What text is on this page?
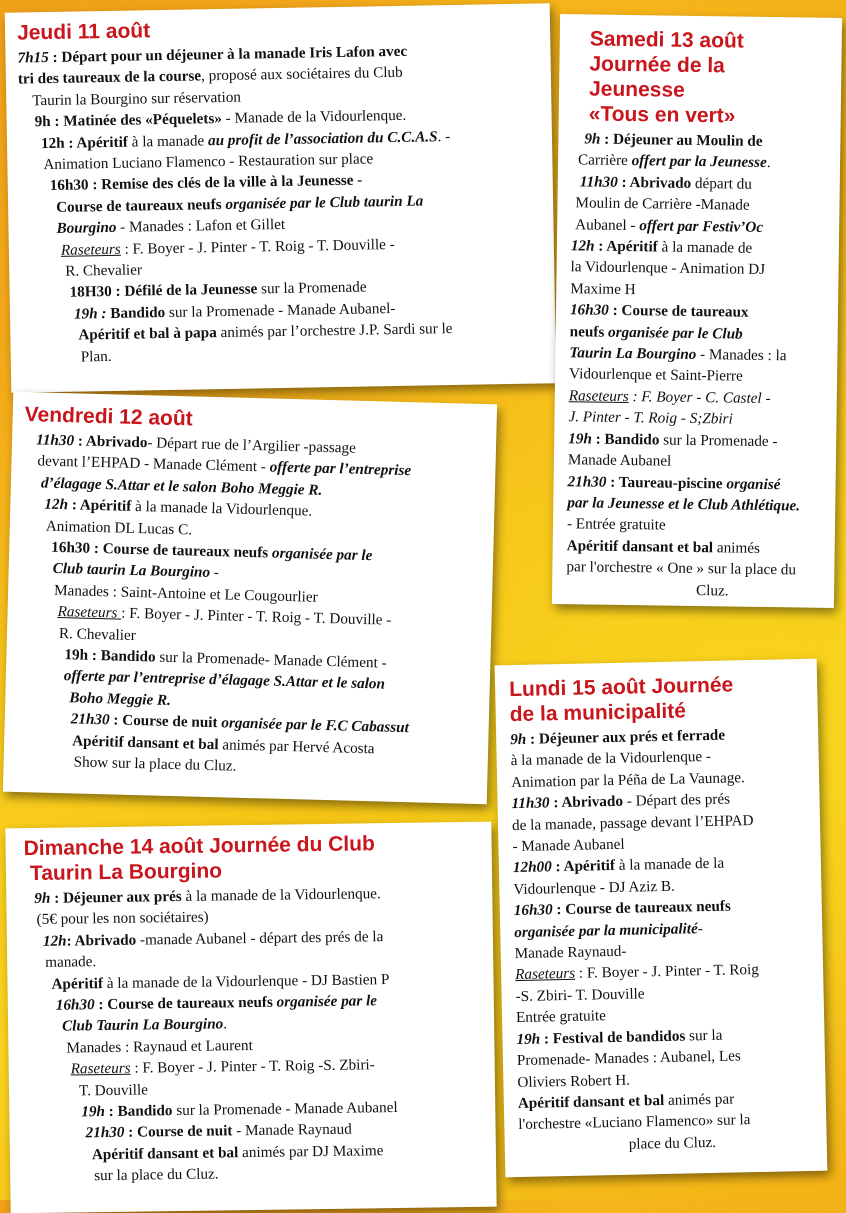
Jeudi 11 août
7h15 : Départ pour un déjeuner à la manade Iris Lafon avec
tri des taureaux de la course, proposé aux sociétaires du Club
Taurin la Bourgino sur réservation
9h : Matinée des «Péquelets» - Manade de la Vidourlenque.
12h : Apéritif à la manade au profit de l’association du C.C.A.S. -
Animation Luciano Flamenco - Restauration sur place
16h30 : Remise des clés de la ville à la Jeunesse -
Course de taureaux neufs organisée par le Club taurin La
Bourgino - Manades : Lafon et Gillet
Raseteurs : F. Boyer - J. Pinter - T. Roig - T. Douville -
R. Chevalier
18H30 : Défilé de la Jeunesse sur la Promenade
19h : Bandido sur la Promenade - Manade Aubanel-
Apéritif et bal à papa animés par l’orchestre J.P. Sardi sur le
Plan.
Samedi 13 août
Journée de la
Jeunesse
«Tous en vert»
9h : Déjeuner au Moulin de
Carrière offert par la Jeunesse.
11h30 : Abrivado départ du
Moulin de Carrière -Manade
Aubanel - offert par Festiv’Oc
12h : Apéritif à la manade de
la Vidourlenque - Animation DJ
Maxime H
16h30 : Course de taureaux
neufs organisée par le Club
Taurin La Bourgino - Manades : la
Vidourlenque et Saint-Pierre
Raseteurs : F. Boyer - C. Castel -
J. Pinter - T. Roig - S;Zbiri
19h : Bandido sur la Promenade -
Manade Aubanel
21h30 : Taureau-piscine organisé
par la Jeunesse et le Club Athlétique.
- Entrée gratuite
Apéritif dansant et bal animés
par l'orchestre « One » sur la place du
Cluz.
Vendredi 12 août
11h30 : Abrivado- Départ rue de l’Argilier -passage
devant l’EHPAD - Manade Clément - offerte par l’entreprise
d’élagage S.Attar et le salon Boho Meggie R.
12h : Apéritif à la manade la Vidourlenque.
Animation DL Lucas C.
16h30 : Course de taureaux neufs organisée par le
Club taurin La Bourgino -
Manades : Saint-Antoine et Le Cougourlier
Raseteurs : F. Boyer - J. Pinter - T. Roig - T. Douville -
R. Chevalier
19h : Bandido sur la Promenade- Manade Clément -
offerte par l’entreprise d’élagage S.Attar et le salon
Boho Meggie R.
21h30 : Course de nuit organisée par le F.C Cabassut
Apéritif dansant et bal animés par Hervé Acosta
Show sur la place du Cluz.
Dimanche 14 août Journée du Club
Taurin La Bourgino
9h : Déjeuner aux prés à la manade de la Vidourlenque.
(5€ pour les non sociétaires)
12h: Abrivado -manade Aubanel - départ des prés de la
manade.
Apéritif à la manade de la Vidourlenque - DJ Bastien P
16h30 : Course de taureaux neufs organisée par le
Club Taurin La Bourgino.
Manades : Raynaud et Laurent
Raseteurs : F. Boyer - J. Pinter - T. Roig -S. Zbiri-
T. Douville
19h : Bandido sur la Promenade - Manade Aubanel
21h30 : Course de nuit - Manade Raynaud
Apéritif dansant et bal animés par DJ Maxime
sur la place du Cluz.
Lundi 15 août Journée
de la municipalité
9h : Déjeuner aux prés et ferrade
à la manade de la Vidourlenque -
Animation par la Péña de La Vaunage.
11h30 : Abrivado - Départ des prés
de la manade, passage devant l’EHPAD
- Manade Aubanel
12h00 : Apéritif à la manade de la
Vidourlenque - DJ Aziz B.
16h30 : Course de taureaux neufs
organisée par la municipalité-
Manade Raynaud-
Raseteurs : F. Boyer - J. Pinter - T. Roig
-S. Zbiri- T. Douville
Entrée gratuite
19h : Festival de bandidos sur la
Promenade- Manades : Aubanel, Les
Oliviers Robert H.
Apéritif dansant et bal animés par
l'orchestre «Luciano Flamenco» sur la
place du Cluz.
